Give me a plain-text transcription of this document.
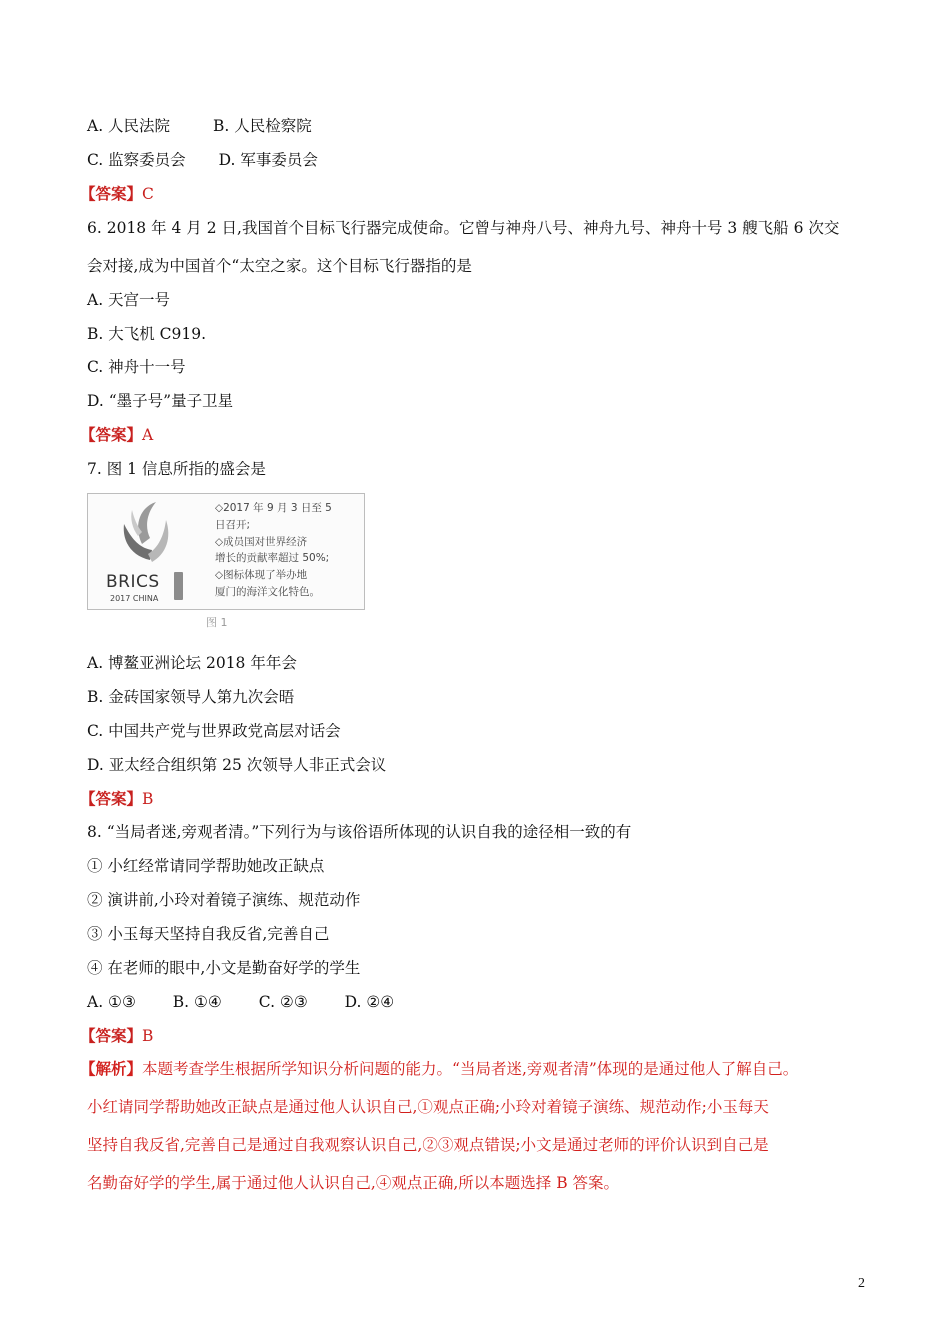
A. 人民法院	B. 人民检察院
C. 监察委员会 D. 军事委员会
【答案】C
6. 2018 年 4 月 2 日,我国首个目标飞行器完成使命。它曾与神舟八号、神舟九号、神舟十号 3 艘飞船 6 次交
会对接,成为中国首个“太空之家。这个目标飞行器指的是
A. 天宫一号
B. 大飞机 C919.
C. 神舟十一号
D. “墨子号”量子卫星
【答案】A
7. 图 1 信息所指的盛会是
BRICS
2017 CHINA
◇2017 年 9 月 3 日至 5
日召开;
◇成员国对世界经济
增长的贡献率超过 50%;
◇图标体现了举办地
厦门的海洋文化特色。
图 1
A. 博鳌亚洲论坛 2018 年年会
B. 金砖国家领导人第九次会晤
C. 中国共产党与世界政党高层对话会
D. 亚太经合组织第 25 次领导人非正式会议
【答案】B
8. “当局者迷,旁观者清。”下列行为与该俗语所体现的认识自我的途径相一致的有
① 小红经常请同学帮助她改正缺点
② 演讲前,小玲对着镜子演练、规范动作
③ 小玉每天坚持自我反省,完善自己
④ 在老师的眼中,小文是勤奋好学的学生
A. ①③ B. ①④ C. ②③ D. ②④
【答案】B
【解析】本题考查学生根据所学知识分析问题的能力。“当局者迷,旁观者清”体现的是通过他人了解自己。
小红请同学帮助她改正缺点是通过他人认识自己,①观点正确;小玲对着镜子演练、规范动作;小玉每天
坚持自我反省,完善自己是通过自我观察认识自己,②③观点错误;小文是通过老师的评价认识到自己是
名勤奋好学的学生,属于通过他人认识自己,④观点正确,所以本题选择 B 答案。
2
